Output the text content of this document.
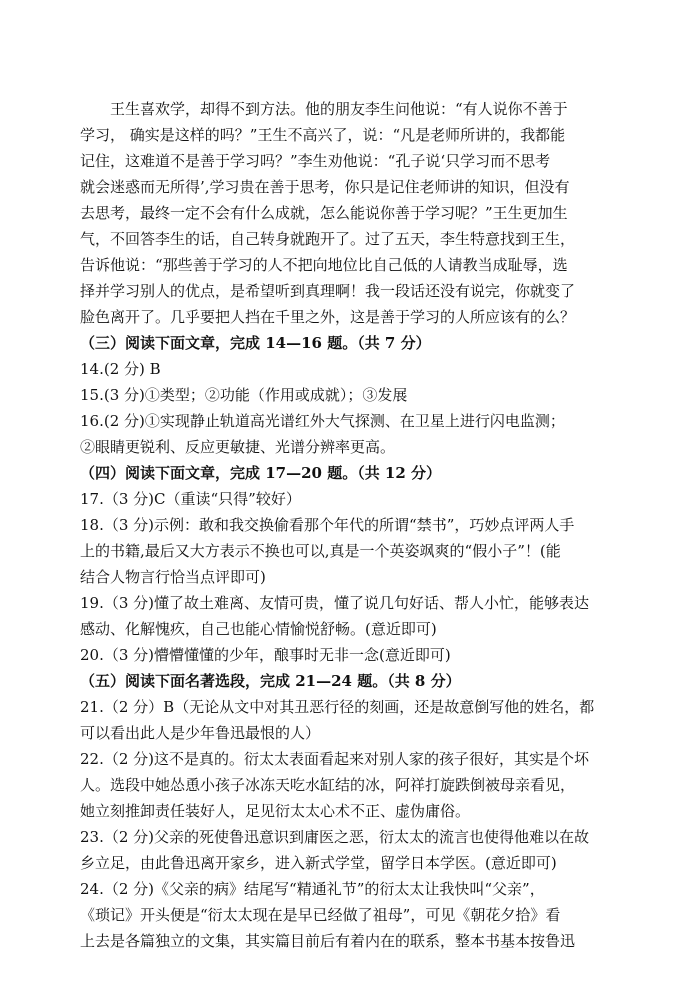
王生喜欢学，却得不到方法。他的朋友李生问他说：“有人说你不善于
学习， 确实是这样的吗？”王生不高兴了，说：“凡是老师所讲的，我都能
记住，这难道不是善于学习吗？”李生劝他说：“孔子说‘只学习而不思考
就会迷惑而无所得’,学习贵在善于思考，你只是记住老师讲的知识，但没有
去思考，最终一定不会有什么成就，怎么能说你善于学习呢？”王生更加生
气，不回答李生的话，自己转身就跑开了。过了五天，李生特意找到王生，
告诉他说：“那些善于学习的人不把向地位比自己低的人请教当成耻辱，选
择并学习别人的优点，是希望听到真理啊！我一段话还没有说完，你就变了
脸色离开了。几乎要把人挡在千里之外，这是善于学习的人所应该有的么？
（三）阅读下面文章，完成 14—16 题。（共 7 分）
14.(2 分) B
15.(3 分)①类型；②功能（作用或成就）；③发展
16.(2 分)①实现静止轨道高光谱红外大气探测、在卫星上进行闪电监测；
②眼睛更锐利、反应更敏捷、光谱分辨率更高。
（四）阅读下面文章，完成 17—20 题。（共 12 分）
17.（3 分)C（重读“只得”较好）
18.（3 分)示例：敢和我交换偷看那个年代的所谓“禁书”，巧妙点评两人手
上的书籍,最后又大方表示不换也可以,真是一个英姿飒爽的“假小子”！(能
结合人物言行恰当点评即可)
19.（3 分)懂了故土难离、友情可贵，懂了说几句好话、帮人小忙，能够表达
感动、化解愧疚，自己也能心情愉悦舒畅。(意近即可)
20.（3 分)懵懵懂懂的少年，酿事时无非一念(意近即可)
（五）阅读下面名著选段，完成 21—24 题。（共 8 分）
21.（2 分）B（无论从文中对其丑恶行径的刻画，还是故意倒写他的姓名，都
可以看出此人是少年鲁迅最恨的人）
22.（2 分)这不是真的。衍太太表面看起来对别人家的孩子很好，其实是个坏
人。选段中她怂恿小孩子冰冻天吃水缸结的冰，阿祥打旋跌倒被母亲看见，
她立刻推卸责任装好人，足见衍太太心术不正、虚伪庸俗。
23.（2 分)父亲的死使鲁迅意识到庸医之恶，衍太太的流言也使得他难以在故
乡立足，由此鲁迅离开家乡，进入新式学堂，留学日本学医。(意近即可)
24.（2 分)《父亲的病》结尾写“精通礼节”的衍太太让我快叫“父亲”，
《琐记》开头便是“衍太太现在是早已经做了祖母”，可见《朝花夕拾》看
上去是各篇独立的文集，其实篇目前后有着内在的联系，整本书基本按鲁迅
